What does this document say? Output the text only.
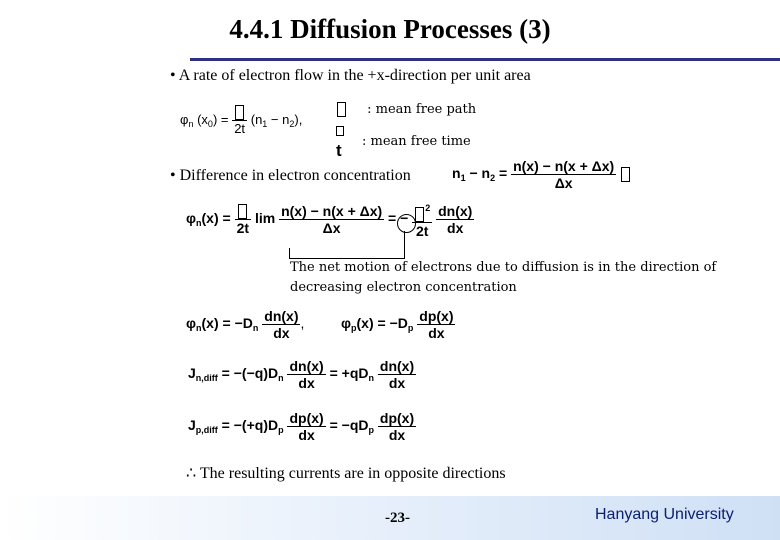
4.4.1 Diffusion Processes (3)
• A rate of electron flow in the +x-direction per unit area
$\varphi_n$ $(x_0)$ =
2t
$(n_1 - n_2)$,
: mean free path

t : mean free time
• Difference in electron concentration	$n_1 - n_2 = \frac{n(x) - n(x + \Delta x)}{\Delta x}$

$\varphi_n(x)$ =
2t
$\lim \frac{n(x) - n(x + \Delta x)}{\Delta x}$ = − $\frac{^2}{2t}$
$\frac{dn(x)}{dx}$
The net motion of electrons due to diffusion is in the direction of decreasing electron concentration
$\varphi_n(x) = -D_n \frac{dn(x)}{dx}$ ,	$\varphi_p(x) = -D_p \frac{dp(x)}{dx}$
$J_{n,diff} = -(-q)D_n \frac{dn(x)}{dx} = +qD_n \frac{dn(x)}{dx}$
$J_{p,diff} = -(+q)D_p \frac{dp(x)}{dx} = -qD_p \frac{dp(x)}{dx}$
∴ The resulting currents are in opposite directions
-23-	Hanyang University
